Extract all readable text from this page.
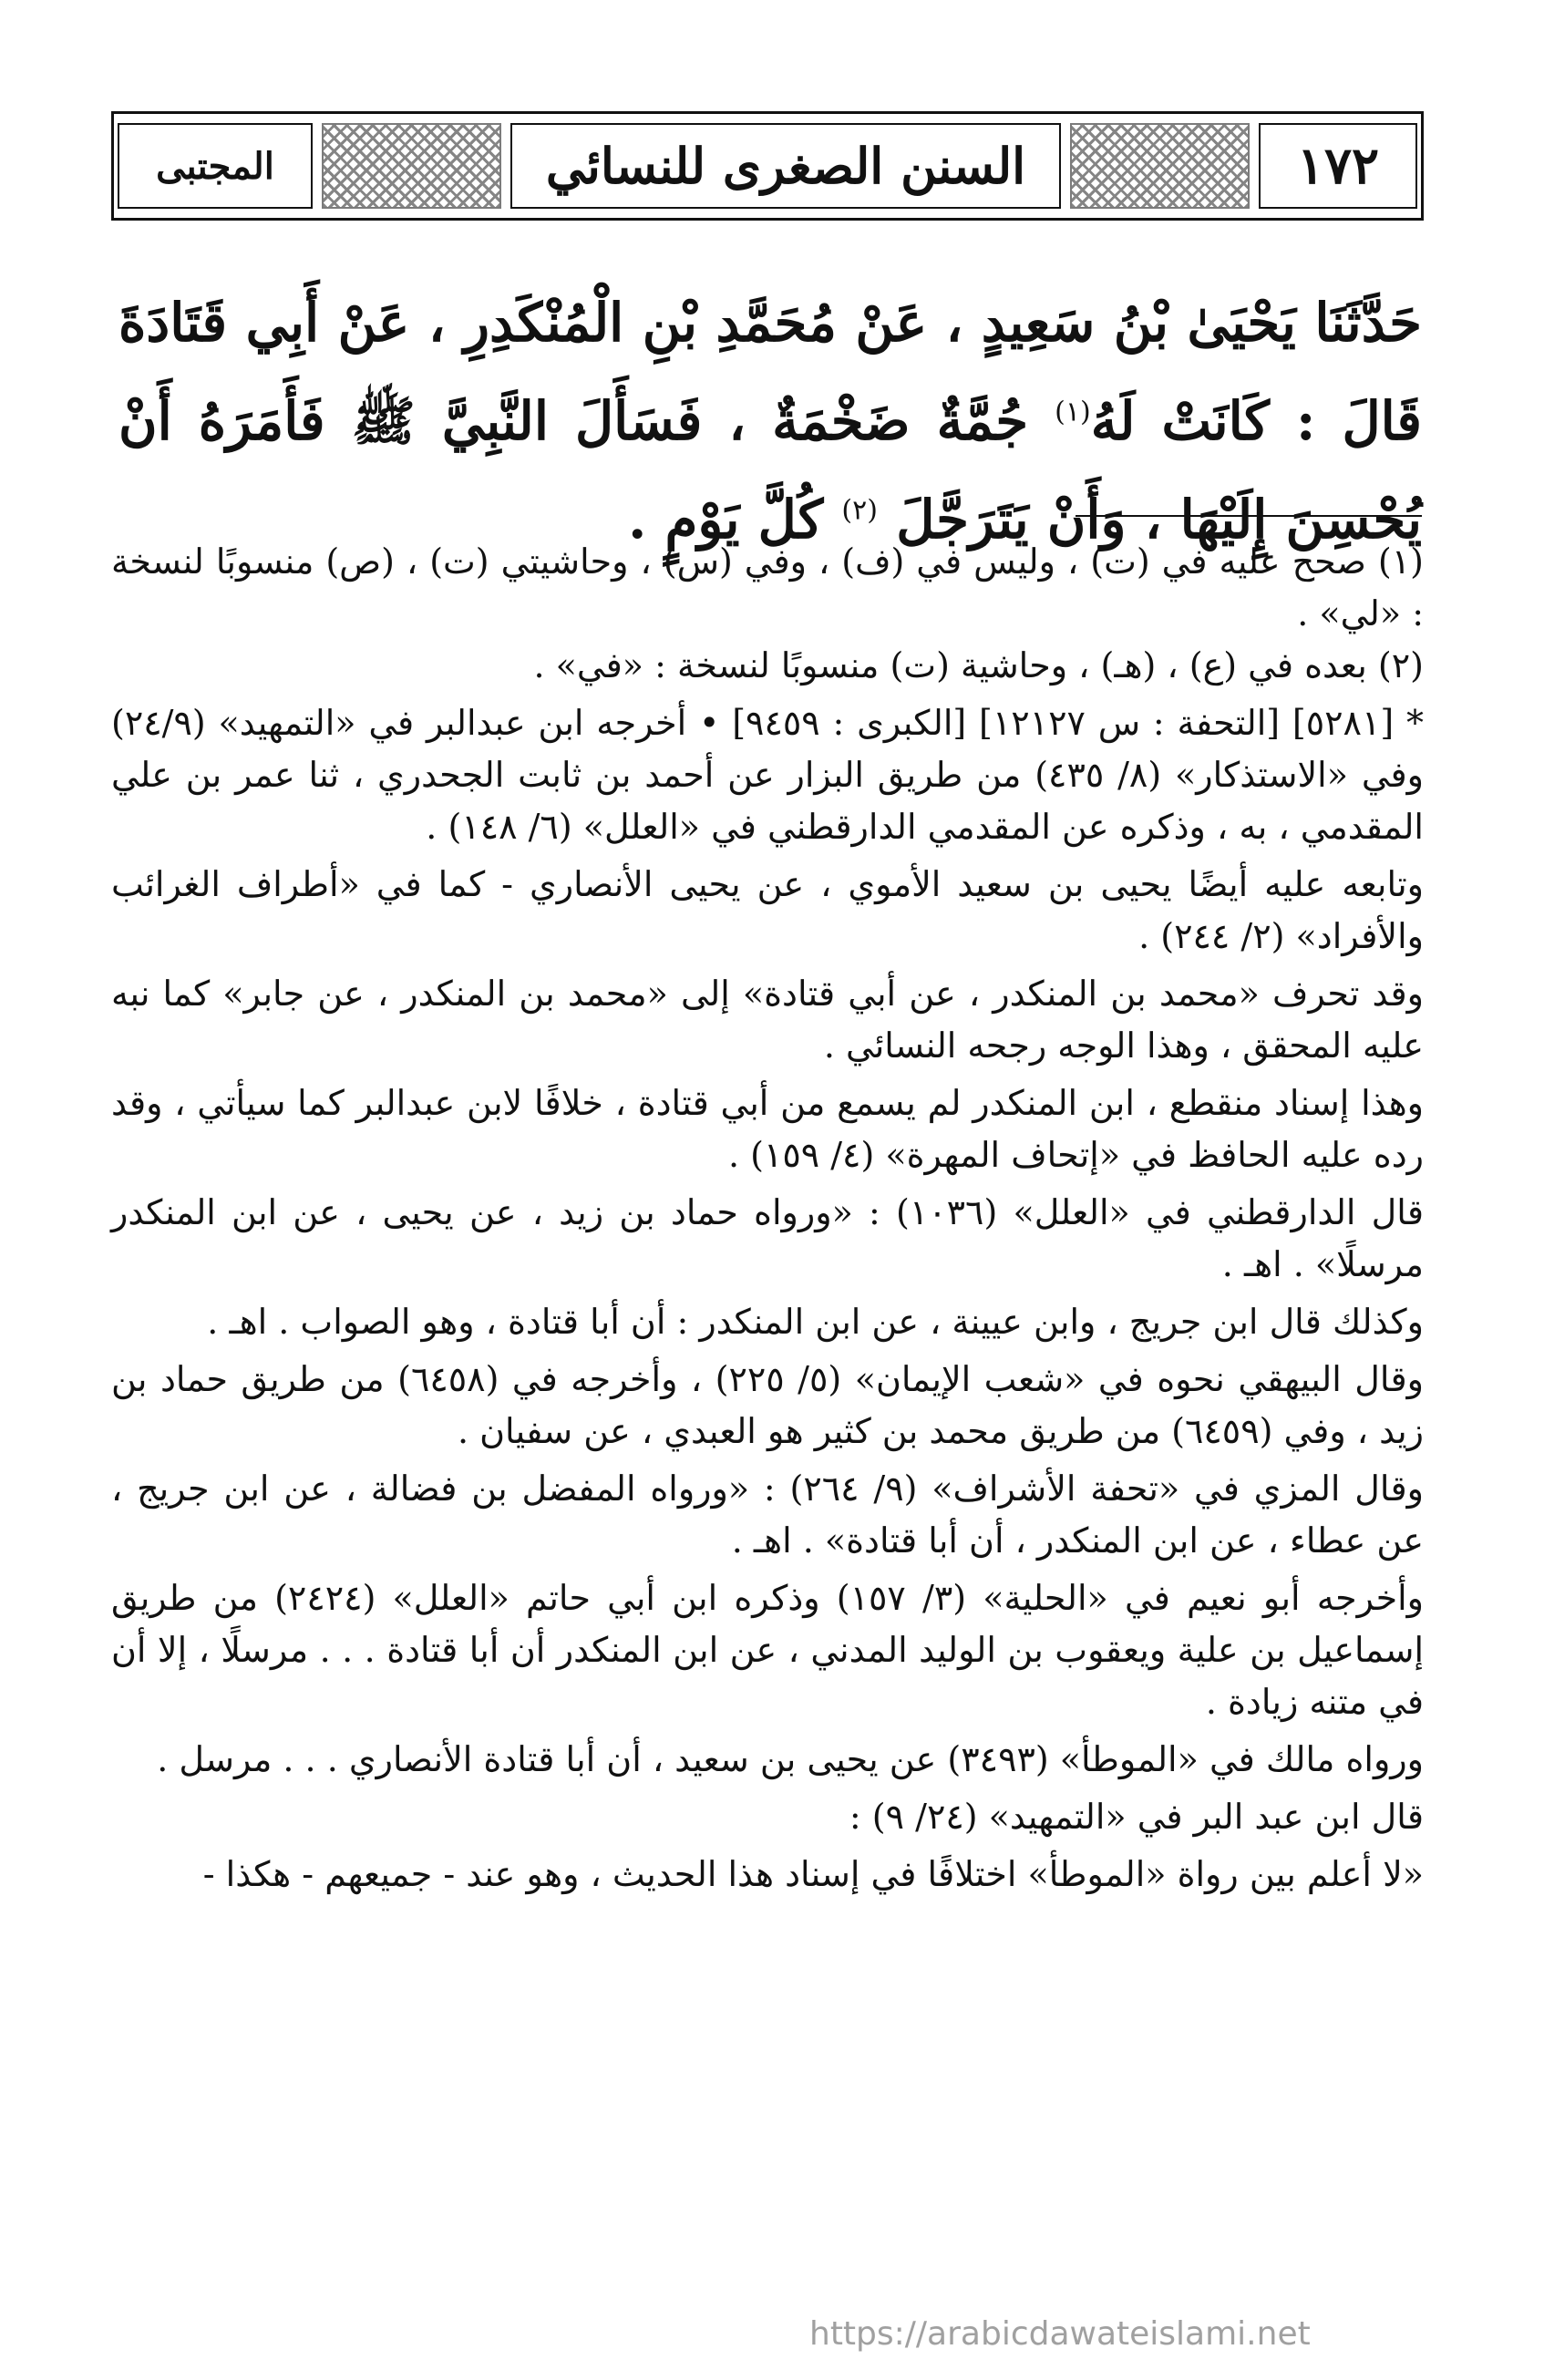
المجتبى	السنن الصغرى للنسائي	١٧٢
حَدَّثَنَا يَحْيَىٰ بْنُ سَعِيدٍ ، عَنْ مُحَمَّدِ بْنِ الْمُنْكَدِرِ ، عَنْ أَبِي قَتَادَةَ قَالَ : كَانَتْ لَهُ$^{(١)}$ جُمَّةٌ ضَخْمَةٌ ، فَسَأَلَ النَّبِيَّ ﷺ فَأَمَرَهُ أَنْ يُحْسِنَ إِلَيْهَا ، وَأَنْ يَتَرَجَّلَ $^{(٢)}$ كُلَّ يَوْمٍ .

(١) صحح عليه في (ت) ، وليس في (ف) ، وفي (س) ، وحاشيتي (ت) ، (ص) منسوبًا لنسخة : «لي» .

(٢) بعده في (ع) ، (هـ) ، وحاشية (ت) منسوبًا لنسخة : «في» .

* [٥٢٨١] [التحفة : س ١٢١٢٧] [الكبرى : ٩٤٥٩] • أخرجه ابن عبدالبر في «التمهيد» (٢٤/٩) وفي «الاستذكار» (٨/ ٤٣٥) من طريق البزار عن أحمد بن ثابت الجحدري ، ثنا عمر بن علي المقدمي ، به ، وذكره عن المقدمي الدارقطني في «العلل» (٦/ ١٤٨) .

وتابعه عليه أيضًا يحيى بن سعيد الأموي ، عن يحيى الأنصاري - كما في «أطراف الغرائب والأفراد» (٢/ ٢٤٤) .

وقد تحرف «محمد بن المنكدر ، عن أبي قتادة» إلى «محمد بن المنكدر ، عن جابر» كما نبه عليه المحقق ، وهذا الوجه رجحه النسائي .

وهذا إسناد منقطع ، ابن المنكدر لم يسمع من أبي قتادة ، خلافًا لابن عبدالبر كما سيأتي ، وقد رده عليه الحافظ في «إتحاف المهرة» (٤/ ١٥٩) .

قال الدارقطني في «العلل» (١٠٣٦) : «ورواه حماد بن زيد ، عن يحيى ، عن ابن المنكدر مرسلًا» . اهـ .

وكذلك قال ابن جريج ، وابن عيينة ، عن ابن المنكدر : أن أبا قتادة ، وهو الصواب . اهـ .

وقال البيهقي نحوه في «شعب الإيمان» (٥/ ٢٢٥) ، وأخرجه في (٦٤٥٨) من طريق حماد بن زيد ، وفي (٦٤٥٩) من طريق محمد بن كثير هو العبدي ، عن سفيان .

وقال المزي في «تحفة الأشراف» (٩/ ٢٦٤) : «ورواه المفضل بن فضالة ، عن ابن جريج ، عن عطاء ، عن ابن المنكدر ، أن أبا قتادة» . اهـ .

وأخرجه أبو نعيم في «الحلية» (٣/ ١٥٧) وذكره ابن أبي حاتم «العلل» (٢٤٢٤) من طريق إسماعيل بن علية ويعقوب بن الوليد المدني ، عن ابن المنكدر أن أبا قتادة . . . مرسلًا ، إلا أن في متنه زيادة .

ورواه مالك في «الموطأ» (٣٤٩٣) عن يحيى بن سعيد ، أن أبا قتادة الأنصاري . . . مرسل .

قال ابن عبد البر في «التمهيد» (٢٤/ ٩) :

«لا أعلم بين رواة «الموطأ» اختلافًا في إسناد هذا الحديث ، وهو عند - جميعهم - هكذا -

https://arabicdawateislami.net
